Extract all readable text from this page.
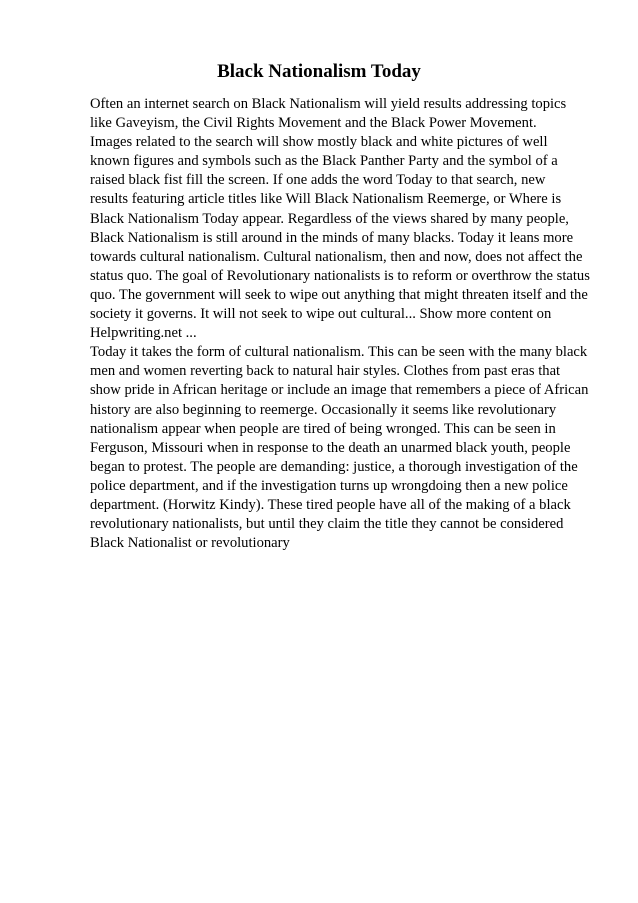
Black Nationalism Today
Often an internet search on Black Nationalism will yield results addressing topics
like Gaveyism, the Civil Rights Movement and the Black Power Movement.
Images related to the search will show mostly black and white pictures of well
known figures and symbols such as the Black Panther Party and the symbol of a
raised black fist fill the screen. If one adds the word Today to that search, new
results featuring article titles like Will Black Nationalism Reemerge, or Where is
Black Nationalism Today appear. Regardless of the views shared by many people,
Black Nationalism is still around in the minds of many blacks. Today it leans more
towards cultural nationalism. Cultural nationalism, then and now, does not affect the
status quo. The goal of Revolutionary nationalists is to reform or overthrow the status
quo. The government will seek to wipe out anything that might threaten itself and the
society it governs. It will not seek to wipe out cultural... Show more content on
Helpwriting.net ...
Today it takes the form of cultural nationalism. This can be seen with the many black
men and women reverting back to natural hair styles. Clothes from past eras that
show pride in African heritage or include an image that remembers a piece of African
history are also beginning to reemerge. Occasionally it seems like revolutionary
nationalism appear when people are tired of being wronged. This can be seen in
Ferguson, Missouri when in response to the death an unarmed black youth, people
began to protest. The people are demanding: justice, a thorough investigation of the
police department, and if the investigation turns up wrongdoing then a new police
department. (Horwitz Kindy). These tired people have all of the making of a black
revolutionary nationalists, but until they claim the title they cannot be considered
Black Nationalist or revolutionary
